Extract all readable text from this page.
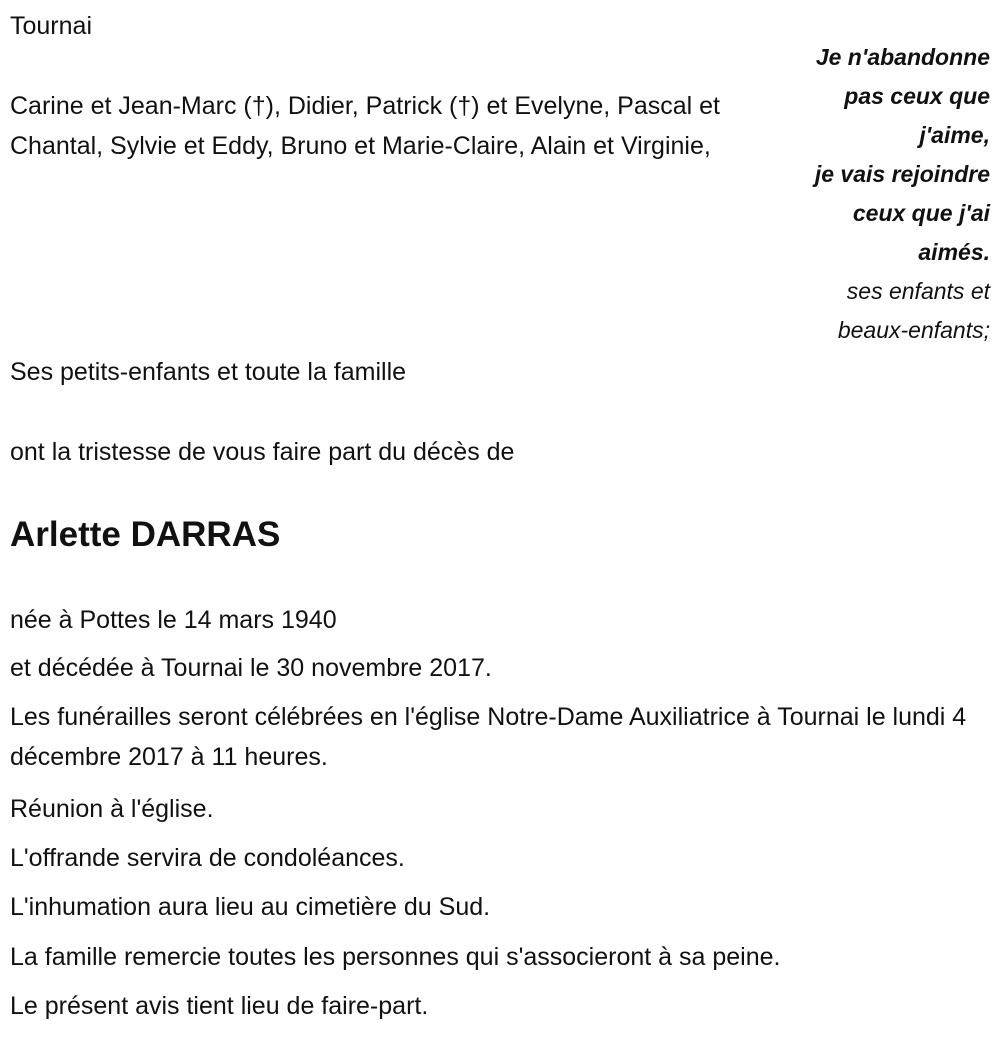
Tournai
Carine et Jean-Marc (†), Didier, Patrick (†) et Evelyne, Pascal et Chantal, Sylvie et Eddy, Bruno et Marie-Claire, Alain et Virginie,
Je n'abandonne
pas ceux que
j'aime,
je vais rejoindre
ceux que j'ai
aimés.
ses enfants et
beaux-enfants;
Ses petits-enfants et toute la famille
ont la tristesse de vous faire part du décès de
Arlette DARRAS
née à Pottes le 14 mars 1940
et décédée à Tournai le 30 novembre 2017.
Les funérailles seront célébrées en l'église Notre-Dame Auxiliatrice à Tournai le lundi 4 décembre 2017 à 11 heures.
Réunion à l'église.
L'offrande servira de condoléances.
L'inhumation aura lieu au cimetière du Sud.
La famille remercie toutes les personnes qui s'associeront à sa peine.
Le présent avis tient lieu de faire-part.
